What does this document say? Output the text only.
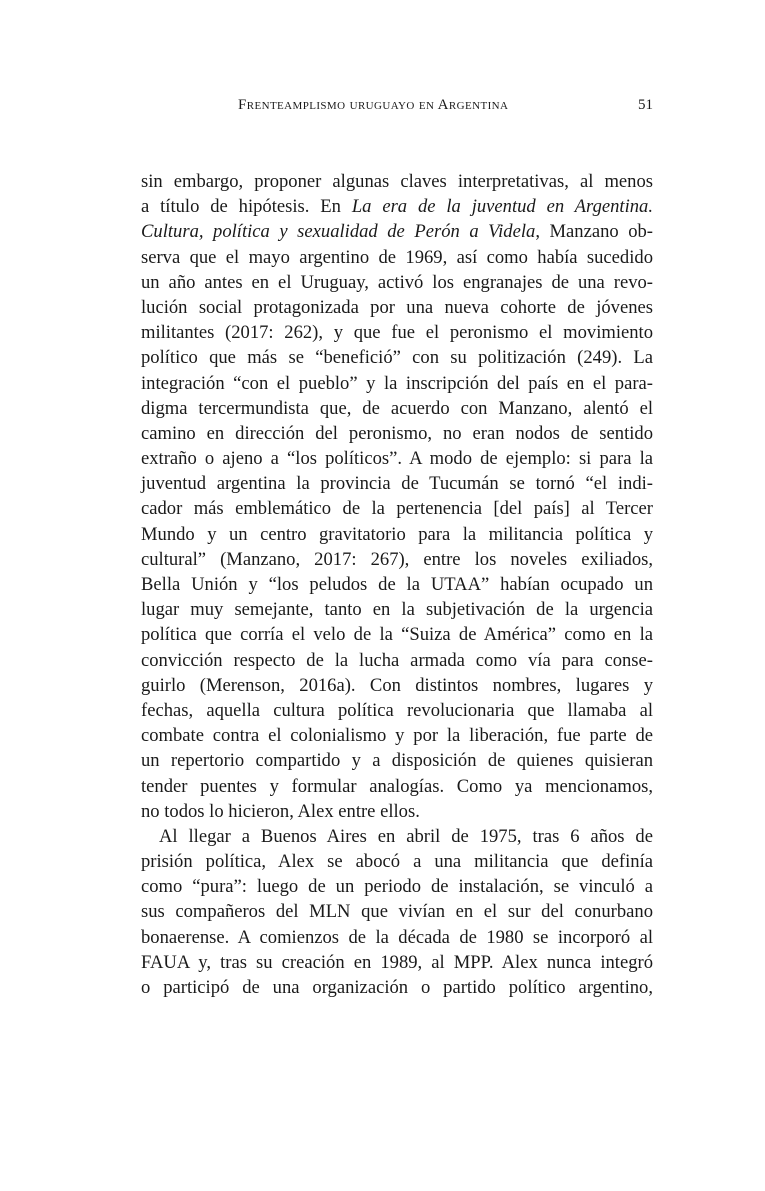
Frenteamplismo uruguayo en Argentina	51
sin embargo, proponer algunas claves interpretativas, al menos
a título de hipótesis. En La era de la juventud en Argentina.
Cultura, política y sexualidad de Perón a Videla, Manzano ob-
serva que el mayo argentino de 1969, así como había sucedido
un año antes en el Uruguay, activó los engranajes de una revo-
lución social protagonizada por una nueva cohorte de jóvenes
militantes (2017: 262), y que fue el peronismo el movimiento
político que más se “benefició” con su politización (249). La
integración “con el pueblo” y la inscripción del país en el para-
digma tercermundista que, de acuerdo con Manzano, alentó el
camino en dirección del peronismo, no eran nodos de sentido
extraño o ajeno a “los políticos”. A modo de ejemplo: si para la
juventud argentina la provincia de Tucumán se tornó “el indi-
cador más emblemático de la pertenencia [del país] al Tercer
Mundo y un centro gravitatorio para la militancia política y
cultural” (Manzano, 2017: 267), entre los noveles exiliados,
Bella Unión y “los peludos de la UTAA” habían ocupado un
lugar muy semejante, tanto en la subjetivación de la urgencia
política que corría el velo de la “Suiza de América” como en la
convicción respecto de la lucha armada como vía para conse-
guirlo (Merenson, 2016a). Con distintos nombres, lugares y
fechas, aquella cultura política revolucionaria que llamaba al
combate contra el colonialismo y por la liberación, fue parte de
un repertorio compartido y a disposición de quienes quisieran
tender puentes y formular analogías. Como ya mencionamos,
no todos lo hicieron, Alex entre ellos.
Al llegar a Buenos Aires en abril de 1975, tras 6 años de
prisión política, Alex se abocó a una militancia que definía
como “pura”: luego de un periodo de instalación, se vinculó a
sus compañeros del MLN que vivían en el sur del conurbano
bonaerense. A comienzos de la década de 1980 se incorporó al
FAUA y, tras su creación en 1989, al MPP. Alex nunca integró
o participó de una organización o partido político argentino,
